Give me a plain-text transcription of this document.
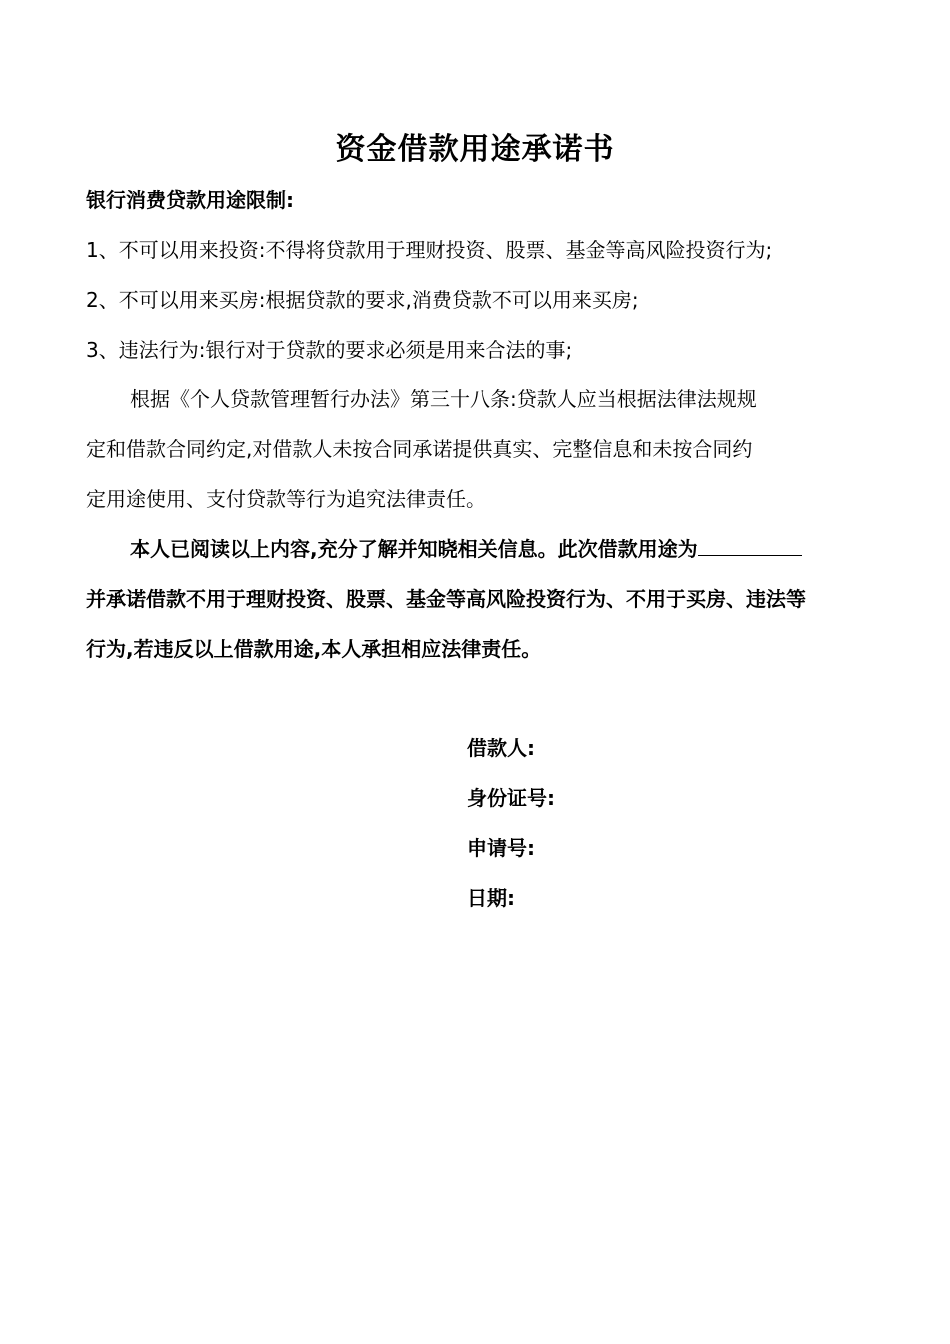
资金借款用途承诺书
银行消费贷款用途限制:
1、不可以用来投资:不得将贷款用于理财投资、股票、基金等高风险投资行为;
2、不可以用来买房:根据贷款的要求,消费贷款不可以用来买房;
3、违法行为:银行对于贷款的要求必须是用来合法的事;
根据《个人贷款管理暂行办法》第三十八条:贷款人应当根据法律法规规
定和借款合同约定,对借款人未按合同承诺提供真实、完整信息和未按合同约
定用途使用、支付贷款等行为追究法律责任。
本人已阅读以上内容,充分了解并知晓相关信息。此次借款用途为
并承诺借款不用于理财投资、股票、基金等高风险投资行为、不用于买房、违法等
行为,若违反以上借款用途,本人承担相应法律责任。
借款人:
身份证号:
申请号:
日期:
